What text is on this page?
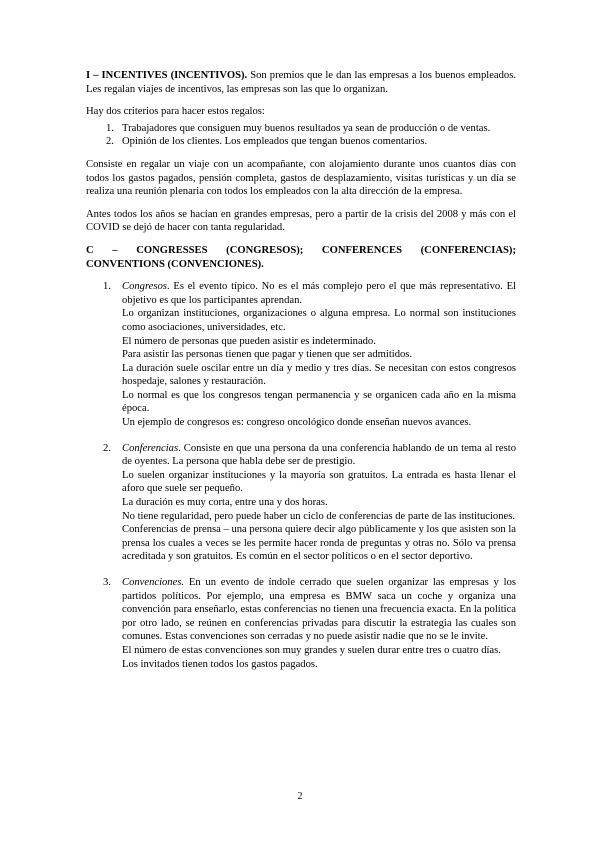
I – INCENTIVES (INCENTIVOS). Son premios que le dan las empresas a los buenos empleados. Les regalan viajes de incentivos, las empresas son las que lo organizan.

Hay dos criterios para hacer estos regalos:

1. Trabajadores que consiguen muy buenos resultados ya sean de producción o de ventas.
2. Opinión de los clientes. Los empleados que tengan buenos comentarios.

Consiste en regalar un viaje con un acompañante, con alojamiento durante unos cuantos días con todos los gastos pagados, pensión completa, gastos de desplazamiento, visitas turísticas y un día se realiza una reunión plenaria con todos los empleados con la alta dirección de la empresa.

Antes todos los años se hacían en grandes empresas, pero a partir de la crisis del 2008 y más con el COVID se dejó de hacer con tanta regularidad.

C – CONGRESSES (CONGRESOS); CONFERENCES (CONFERENCIAS); CONVENTIONS (CONVENCIONES).

1. Congresos. Es el evento típico. No es el más complejo pero el que más representativo. El objetivo es que los participantes aprendan.

Lo organizan instituciones, organizaciones o alguna empresa. Lo normal son instituciones como asociaciones, universidades, etc.

El número de personas que pueden asistir es indeterminado.

Para asistir las personas tienen que pagar y tienen que ser admitidos.

La duración suele oscilar entre un día y medio y tres días. Se necesitan con estos congresos hospedaje, salones y restauración.

Lo normal es que los congresos tengan permanencia y se organicen cada año en la misma época.

Un ejemplo de congresos es: congreso oncológico donde enseñan nuevos avances.

2. Conferencias. Consiste en que una persona da una conferencia hablando de un tema al resto de oyentes. La persona que habla debe ser de prestigio.

Lo suelen organizar instituciones y la mayoría son gratuitos. La entrada es hasta llenar el aforo que suele ser pequeño.

La duración es muy corta, entre una y dos horas.

No tiene regularidad, pero puede haber un ciclo de conferencias de parte de las instituciones.

Conferencias de prensa – una persona quiere decir algo públicamente y los que asisten son la prensa los cuales a veces se les permite hacer ronda de preguntas y otras no. Sólo va prensa acreditada y son gratuitos. Es común en el sector políticos o en el sector deportivo.

3. Convenciones. En un evento de índole cerrado que suelen organizar las empresas y los partidos políticos. Por ejemplo, una empresa es BMW saca un coche y organiza una convención para enseñarlo, estas conferencias no tienen una frecuencia exacta. En la política por otro lado, se reúnen en conferencias privadas para discutir la estrategia las cuales son comunes. Estas convenciones son cerradas y no puede asistir nadie que no se le invite.

El número de estas convenciones son muy grandes y suelen durar entre tres o cuatro días.

Los invitados tienen todos los gastos pagados.

2
